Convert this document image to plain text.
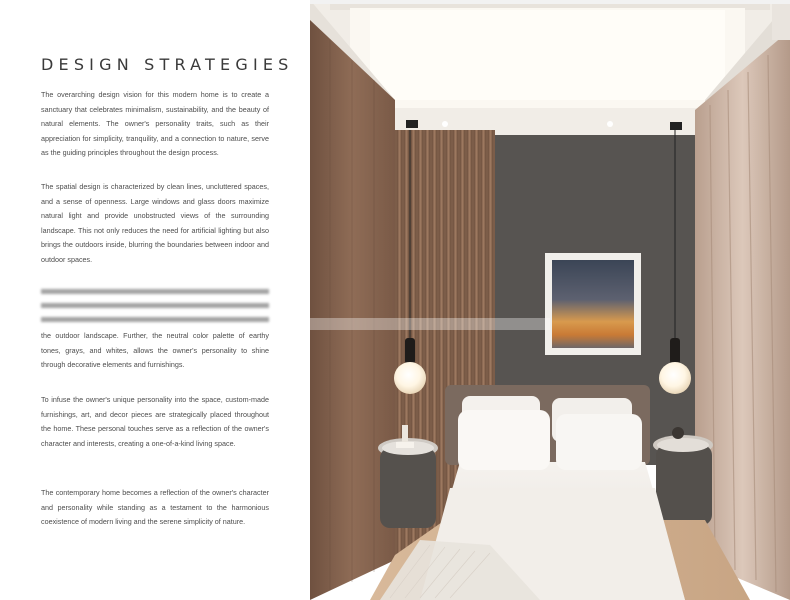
DESIGN STRATEGIES

The overarching design vision for this modern home is to create a sanctuary that celebrates minimalism, sustainability, and the beauty of natural elements. The owner's personality traits, such as their appreciation for simplicity, tranquility, and a connection to nature, serve as the guiding principles throughout the design process.

The spatial design is characterized by clean lines, uncluttered spaces, and a sense of openness. Large windows and glass doors maximize natural light and provide unobstructed views of the surrounding landscape. This not only reduces the need for artificial lighting but also brings the outdoors inside, blurring the boundaries between indoor and outdoor spaces.

the outdoor landscape. Further, the neutral color palette of earthy tones, grays, and whites, allows the owner's personality to shine through decorative elements and furnishings.

To infuse the owner's unique personality into the space, custom-made furnishings, art, and decor pieces are strategically placed throughout the home. These personal touches serve as a reflection of the owner's character and interests, creating a one-of-a-kind living space.

The contemporary home becomes a reflection of the owner's character and personality while standing as a testament to the harmonious coexistence of modern living and the serene simplicity of nature.
